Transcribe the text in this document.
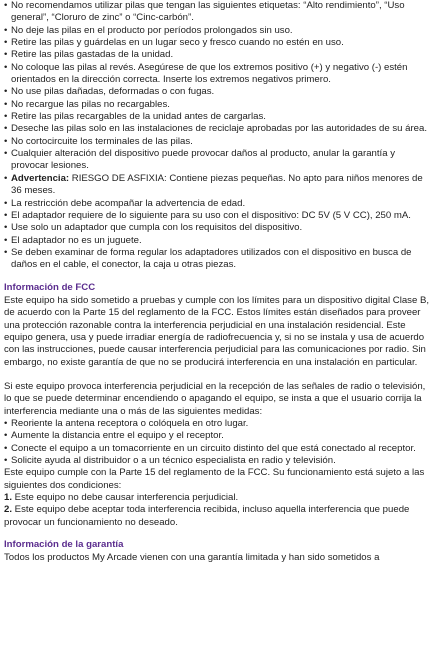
• No recomendamos utilizar pilas que tengan las siguientes etiquetas: “Alto rendimiento”, “Uso general”, “Cloruro de zinc” o “Cinc-carbón”.
• No deje las pilas en el producto por períodos prolongados sin uso.
• Retire las pilas y guárdelas en un lugar seco y fresco cuando no estén en uso.
• Retire las pilas gastadas de la unidad.
• No coloque las pilas al revés. Asegúrese de que los extremos positivo (+) y negativo (-) estén orientados en la dirección correcta. Inserte los extremos negativos primero.
• No use pilas dañadas, deformadas o con fugas.
• No recargue las pilas no recargables.
• Retire las pilas recargables de la unidad antes de cargarlas.
• Deseche las pilas solo en las instalaciones de reciclaje aprobadas por las autoridades de su área.
• No cortocircuite los terminales de las pilas.
• Cualquier alteración del dispositivo puede provocar daños al producto, anular la garantía y provocar lesiones.
• Advertencia: RIESGO DE ASFIXIA: Contiene piezas pequeñas. No apto para niños menores de 36 meses.
• La restricción debe acompañar la advertencia de edad.
• El adaptador requiere de lo siguiente para su uso con el dispositivo: DC 5V (5 V CC), 250 mA.
• Use solo un adaptador que cumpla con los requisitos del dispositivo.
• El adaptador no es un juguete.
• Se deben examinar de forma regular los adaptadores utilizados con el dispositivo en busca de daños en el cable, el conector, la caja u otras piezas.
Información de FCC

Este equipo ha sido sometido a pruebas y cumple con los límites para un dispositivo digital Clase B, de acuerdo con la Parte 15 del reglamento de la FCC. Estos límites están diseñados para proveer una protección razonable contra la interferencia perjudicial en una instalación residencial. Este equipo genera, usa y puede irradiar energía de radiofrecuencia y, si no se instala y usa de acuerdo con las instrucciones, puede causar interferencia perjudicial para las comunicaciones por radio. Sin embargo, no existe garantía de que no se producirá interferencia en una instalación en particular.

Si este equipo provoca interferencia perjudicial en la recepción de las señales de radio o televisión, lo que se puede determinar encendiendo o apagando el equipo, se insta a que el usuario corrija la interferencia mediante una o más de las siguientes medidas:

• Reoriente la antena receptora o colóquela en otro lugar.
• Aumente la distancia entre el equipo y el receptor.
• Conecte el equipo a un tomacorriente en un circuito distinto del que está conectado al receptor.
• Solicite ayuda al distribuidor o a un técnico especialista en radio y televisión.

Este equipo cumple con la Parte 15 del reglamento de la FCC. Su funcionamiento está sujeto a las siguientes dos condiciones:

1. Este equipo no debe causar interferencia perjudicial.

2. Este equipo debe aceptar toda interferencia recibida, incluso aquella interferencia que puede provocar un funcionamiento no deseado.

Información de la garantía

Todos los productos My Arcade vienen con una garantía limitada y han sido sometidos a
